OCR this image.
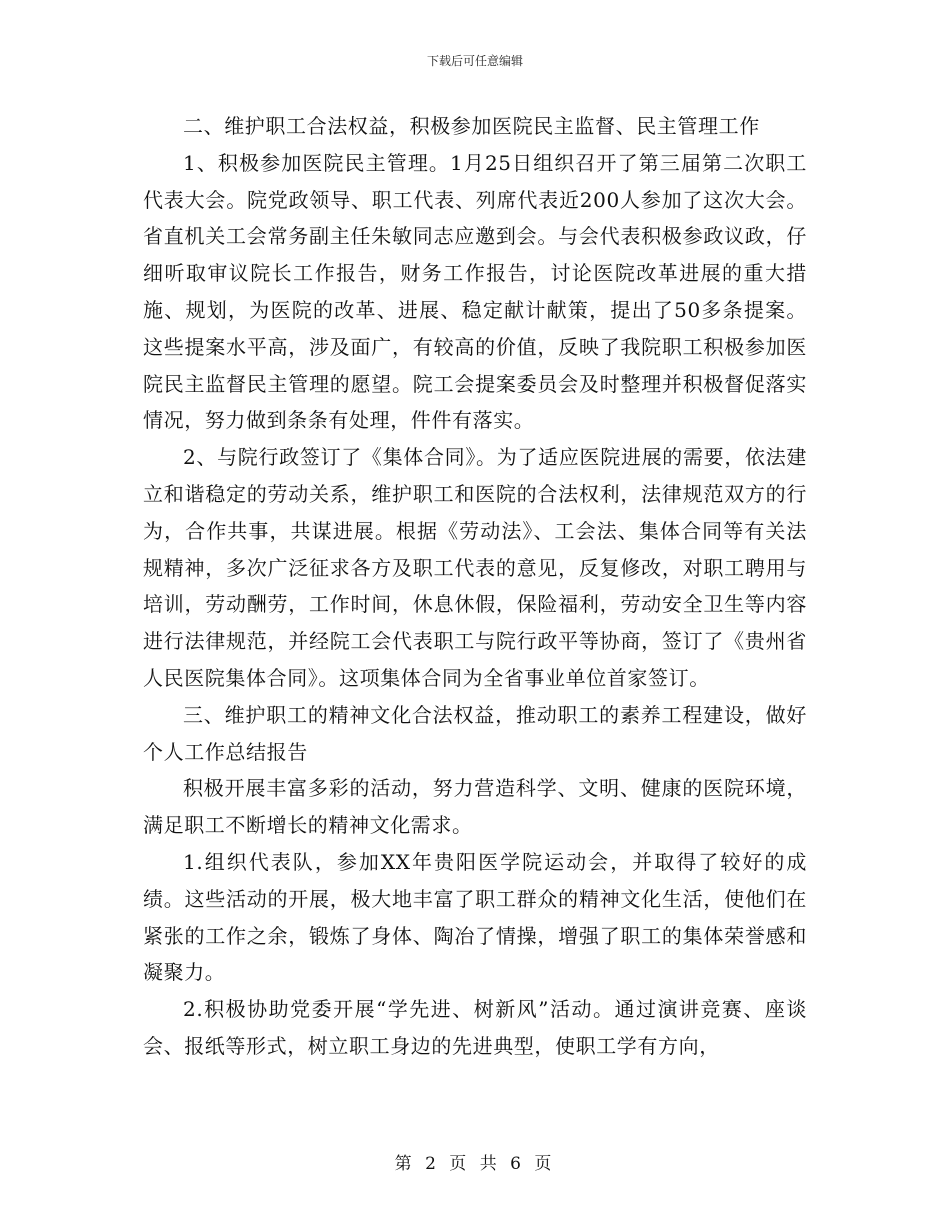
下载后可任意编辑

二、维护职工合法权益，积极参加医院民主监督、民主管理工作

1、积极参加医院民主管理。1月25日组织召开了第三届第二次职工代表大会。院党政领导、职工代表、列席代表近200人参加了这次大会。省直机关工会常务副主任朱敏同志应邀到会。与会代表积极参政议政，仔细听取审议院长工作报告，财务工作报告，讨论医院改革进展的重大措施、规划，为医院的改革、进展、稳定献计献策，提出了50多条提案。这些提案水平高，涉及面广，有较高的价值，反映了我院职工积极参加医院民主监督民主管理的愿望。院工会提案委员会及时整理并积极督促落实情况，努力做到条条有处理，件件有落实。

2、与院行政签订了《集体合同》。为了适应医院进展的需要，依法建立和谐稳定的劳动关系，维护职工和医院的合法权利，法律规范双方的行为，合作共事，共谋进展。根据《劳动法》、工会法、集体合同等有关法规精神，多次广泛征求各方及职工代表的意见，反复修改，对职工聘用与培训，劳动酬劳，工作时间，休息休假，保险福利，劳动安全卫生等内容进行法律规范，并经院工会代表职工与院行政平等协商，签订了《贵州省人民医院集体合同》。这项集体合同为全省事业单位首家签订。

三、维护职工的精神文化合法权益，推动职工的素养工程建设，做好个人工作总结报告

积极开展丰富多彩的活动，努力营造科学、文明、健康的医院环境，满足职工不断增长的精神文化需求。

1.组织代表队，参加XX年贵阳医学院运动会，并取得了较好的成绩。这些活动的开展，极大地丰富了职工群众的精神文化生活，使他们在紧张的工作之余，锻炼了身体、陶冶了情操，增强了职工的集体荣誉感和凝聚力。

2.积极协助党委开展“学先进、树新风”活动。通过演讲竞赛、座谈会、报纸等形式，树立职工身边的先进典型，使职工学有方向，

第 2 页 共 6 页
